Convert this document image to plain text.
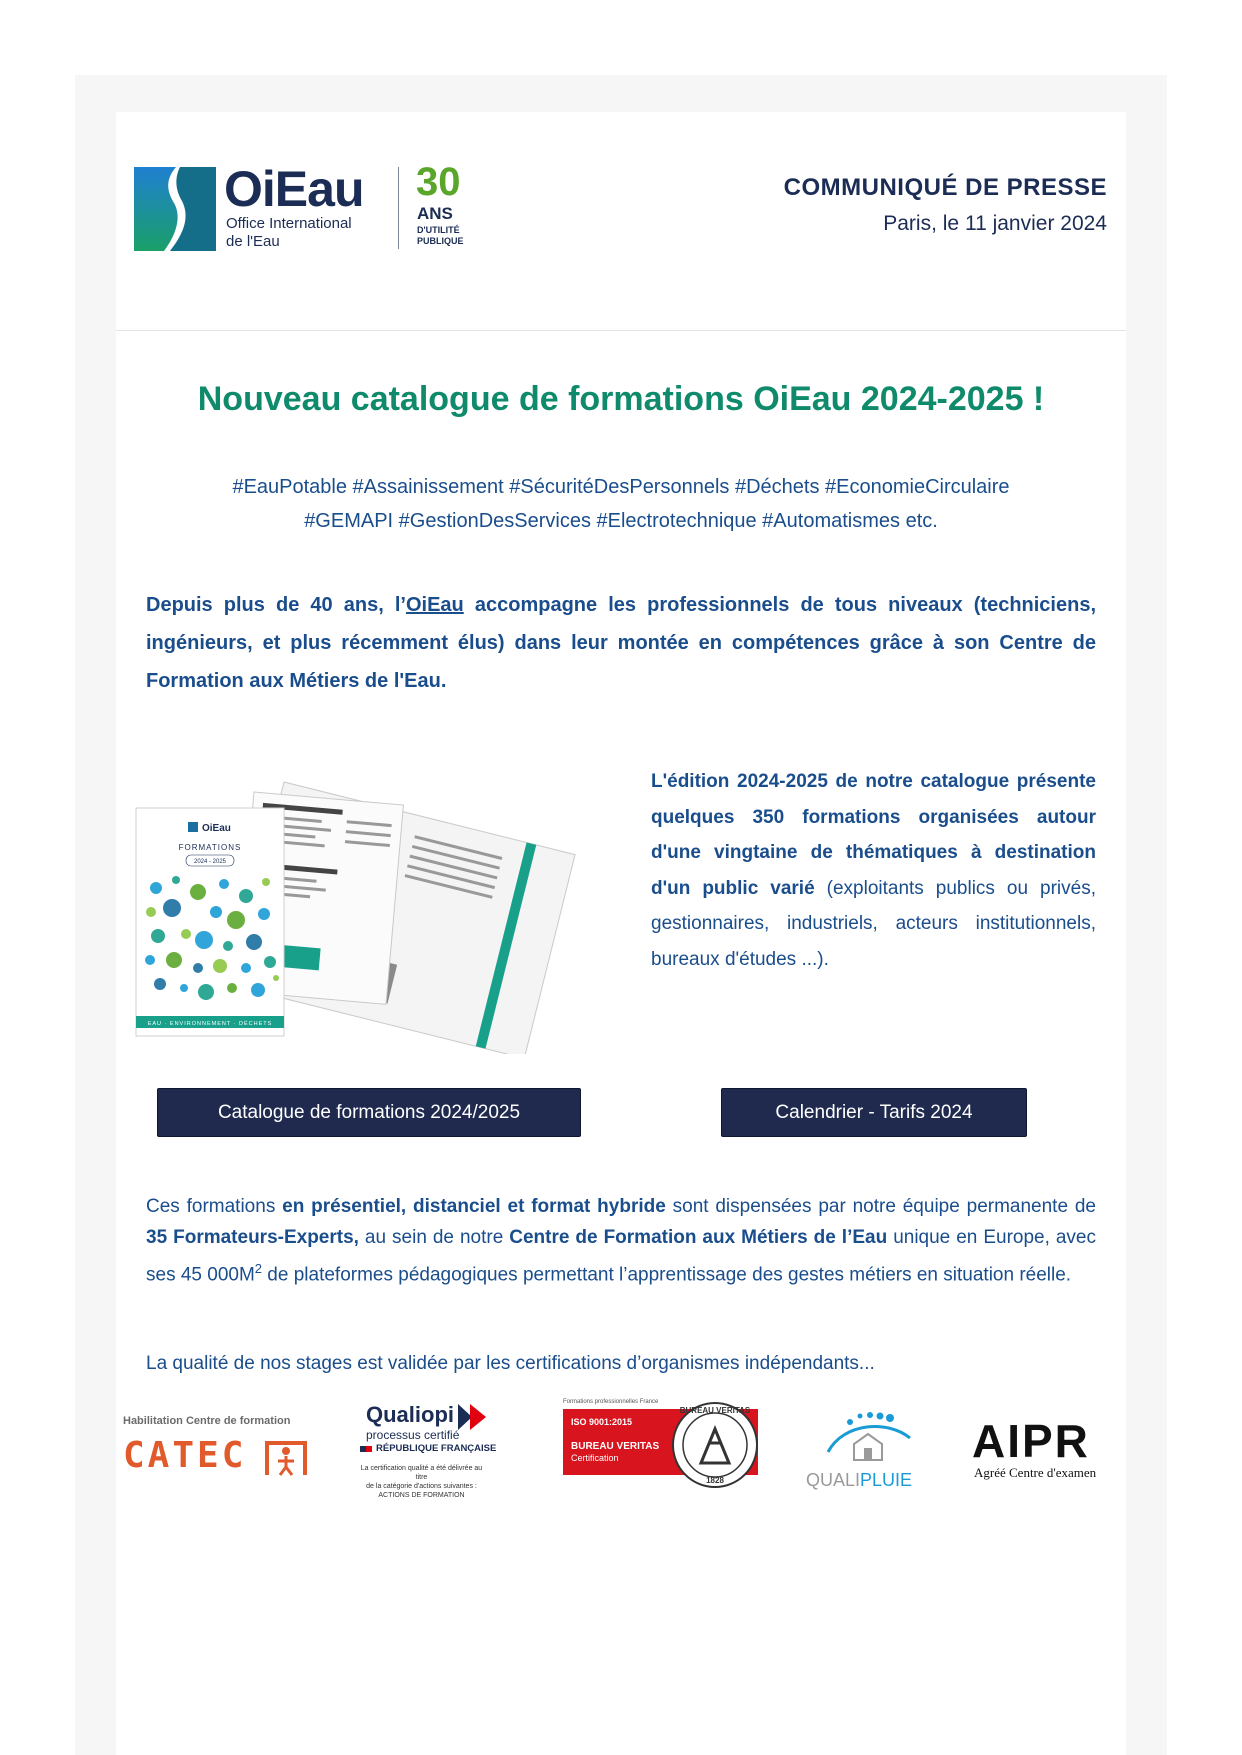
OiEau
Office International
de l'Eau
30
ANS
D'UTILITÉ
PUBLIQUE
COMMUNIQUÉ DE PRESSE
Paris, le 11 janvier 2024
Nouveau catalogue de formations OiEau 2024-2025 !
#EauPotable #Assainissement #SécuritéDesPersonnels #Déchets #EconomieCirculaire
#GEMAPI #GestionDesServices #Electrotechnique #Automatismes etc.
Depuis plus de 40 ans, l’OiEau accompagne les professionnels de tous niveaux (techniciens, ingénieurs, et plus récemment élus) dans leur montée en compétences grâce à son Centre de Formation aux Métiers de l'Eau.
OiEau
FORMATIONS
2024 - 2025
EAU · ENVIRONNEMENT · DÉCHETS
L'édition 2024-2025 de notre catalogue présente quelques 350 formations organisées autour d'une vingtaine de thématiques à destination d'un public varié (exploitants publics ou privés, gestionnaires, industriels, acteurs institutionnels, bureaux d'études ...).
Catalogue de formations 2024/2025	Calendrier - Tarifs 2024
Ces formations en présentiel, distanciel et format hybride sont dispensées par notre équipe permanente de 35 Formateurs-Experts, au sein de notre Centre de Formation aux Métiers de l’Eau unique en Europe, avec ses 45 $000M^2$ de plateformes pédagogiques permettant l’apprentissage des gestes métiers en situation réelle.
La qualité de nos stages est validée par les certifications d’organismes indépendants...
Habilitation Centre de formation
CATEC
Qualiopi
processus certifié
RÉPUBLIQUE FRANÇAISE
La certification qualité a été délivrée au titre
de la catégorie d'actions suivantes :
ACTIONS DE FORMATION
Formations professionnelles France
ISO 9001:2015
BUREAU VERITAS
Certification
BUREAU VERITAS
1828	QUALIPLUIE
AIPR
Agréé Centre d'examen
